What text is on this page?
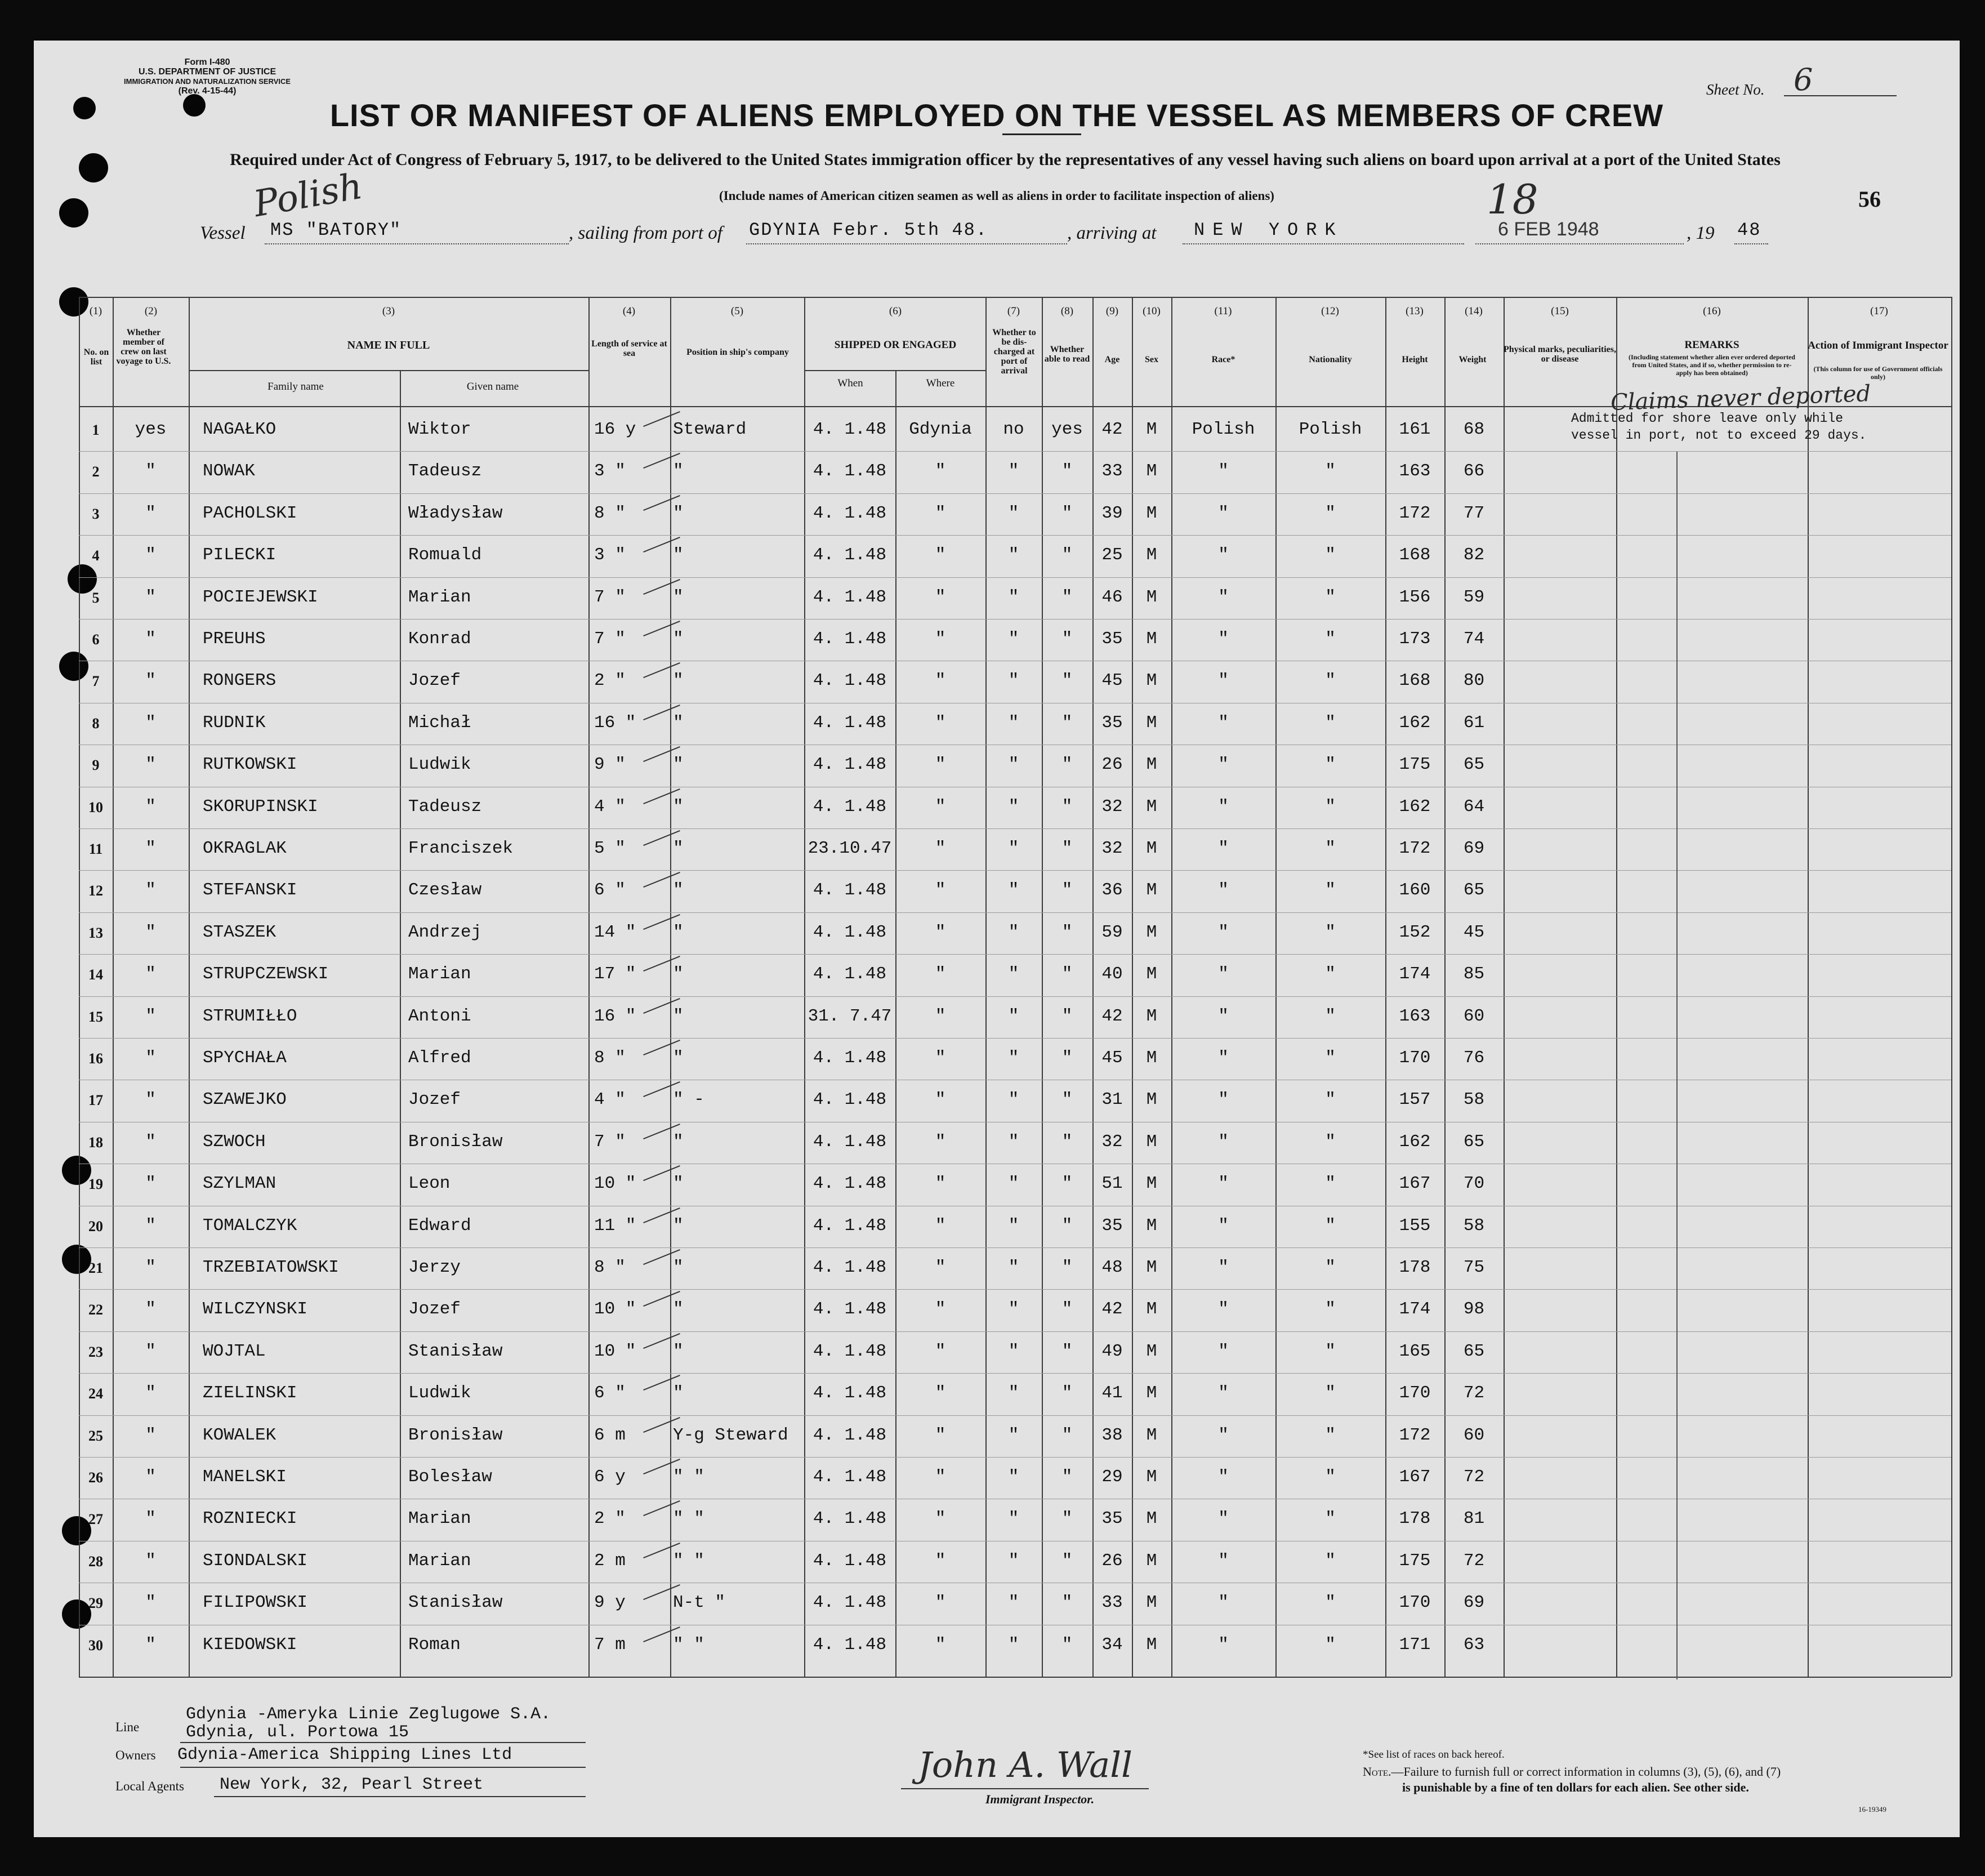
Form I-480
U.S. DEPARTMENT OF JUSTICE
IMMIGRATION AND NATURALIZATION SERVICE
(Rev. 4-15-44)	Sheet No. 6
LIST OR MANIFEST OF ALIENS EMPLOYED ON THE VESSEL AS MEMBERS OF CREW
Required under Act of Congress of February 5, 1917, to be delivered to the United States immigration officer by the representatives of any vessel having such aliens on board upon arrival at a port of the United States
(Include names of American citizen seamen as well as aliens in order to facilitate inspection of aliens)	56
Polish	18
Vessel MS "BATORY"	, sailing from port of GDYNIA Febr. 5th 48.	, arriving at NEW YORK	6 FEB 1948	, 19 48
(1)	(2)	(3)	(4)	(5)	(6)	(7)	(8)	(9)	(10)	(11)	(12)	(13)	(14)	(15)	(16)	(17)
No. on list
Whether member of crew on last voyage to U.S.
NAME IN FULL
Family name	Given name
Length of service at sea	Position in ship's company
SHIPPED OR ENGAGED
When	Where
Whether to be dis- charged at port of arrival
Whether able to read	Age	Sex	Race*	Nationality	Height	Weight
Physical marks, peculiarities, or disease
REMARKS
(Including statement whether alien ever ordered deported from United States, and if so, whether permission to re-apply has been obtained)
Action of Immigrant Inspector
(This column for use of Government officials only)
1	yes	NAGAŁKO	Wiktor	16 y	Steward	4. 1.48	Gdynia	no	yes	42	M	Polish	Polish	161	68
2	"	NOWAK	Tadeusz	3 "	"	4. 1.48	"	"	"	33	M	"	"	163	66
3	"	PACHOLSKI	Władysław	8 "	"	4. 1.48	"	"	"	39	M	"	"	172	77
4	"	PILECKI	Romuald	3 "	"	4. 1.48	"	"	"	25	M	"	"	168	82
5	"	POCIEJEWSKI	Marian	7 "	"	4. 1.48	"	"	"	46	M	"	"	156	59
6	"	PREUHS	Konrad	7 "	"	4. 1.48	"	"	"	35	M	"	"	173	74
7	"	RONGERS	Jozef	2 "	"	4. 1.48	"	"	"	45	M	"	"	168	80
8	"	RUDNIK	Michał	16 "	"	4. 1.48	"	"	"	35	M	"	"	162	61
9	"	RUTKOWSKI	Ludwik	9 "	"	4. 1.48	"	"	"	26	M	"	"	175	65
10	"	SKORUPINSKI	Tadeusz	4 "	"	4. 1.48	"	"	"	32	M	"	"	162	64
11	"	OKRAGLAK	Franciszek	5 "	"	23.10.47	"	"	"	32	M	"	"	172	69
12	"	STEFANSKI	Czesław	6 "	"	4. 1.48	"	"	"	36	M	"	"	160	65
13	"	STASZEK	Andrzej	14 "	"	4. 1.48	"	"	"	59	M	"	"	152	45
14	"	STRUPCZEWSKI	Marian	17 "	"	4. 1.48	"	"	"	40	M	"	"	174	85
15	"	STRUMIŁŁO	Antoni	16 "	"	31. 7.47	"	"	"	42	M	"	"	163	60
16	"	SPYCHAŁA	Alfred	8 "	"	4. 1.48	"	"	"	45	M	"	"	170	76
17	"	SZAWEJKO	Jozef	4 "	" -	4. 1.48	"	"	"	31	M	"	"	157	58
18	"	SZWOCH	Bronisław	7 "	"	4. 1.48	"	"	"	32	M	"	"	162	65
19	"	SZYLMAN	Leon	10 "	"	4. 1.48	"	"	"	51	M	"	"	167	70
20	"	TOMALCZYK	Edward	11 "	"	4. 1.48	"	"	"	35	M	"	"	155	58
21	"	TRZEBIATOWSKI	Jerzy	8 "	"	4. 1.48	"	"	"	48	M	"	"	178	75
22	"	WILCZYNSKI	Jozef	10 "	"	4. 1.48	"	"	"	42	M	"	"	174	98
23	"	WOJTAL	Stanisław	10 "	"	4. 1.48	"	"	"	49	M	"	"	165	65
24	"	ZIELINSKI	Ludwik	6 "	"	4. 1.48	"	"	"	41	M	"	"	170	72
25	"	KOWALEK	Bronisław	6 m	Y-g Steward	4. 1.48	"	"	"	38	M	"	"	172	60
26	"	MANELSKI	Bolesław	6 y	" "	4. 1.48	"	"	"	29	M	"	"	167	72
27	"	ROZNIECKI	Marian	2 "	" "	4. 1.48	"	"	"	35	M	"	"	178	81
28	"	SIONDALSKI	Marian	2 m	" "	4. 1.48	"	"	"	26	M	"	"	175	72
29	"	FILIPOWSKI	Stanisław	9 y	N-t "	4. 1.48	"	"	"	33	M	"	"	170	69
30	"	KIEDOWSKI	Roman	7 m	" "	4. 1.48	"	"	"	34	M	"	"	171	63
Claims never deported
Admitted for shore leave only while vessel in port, not to exceed 29 days.
Line
Gdynia -Ameryka Linie Zeglugowe S.A.
Gdynia, ul. Portowa 15
Owners Gdynia-America Shipping Lines Ltd
Local Agents New York, 32, Pearl Street	John A. Wall
Immigrant Inspector.
*See list of races on back hereof.
Note.—Failure to furnish full or correct information in columns (3), (5), (6), and (7)
is punishable by a fine of ten dollars for each alien. See other side.
16-19349
